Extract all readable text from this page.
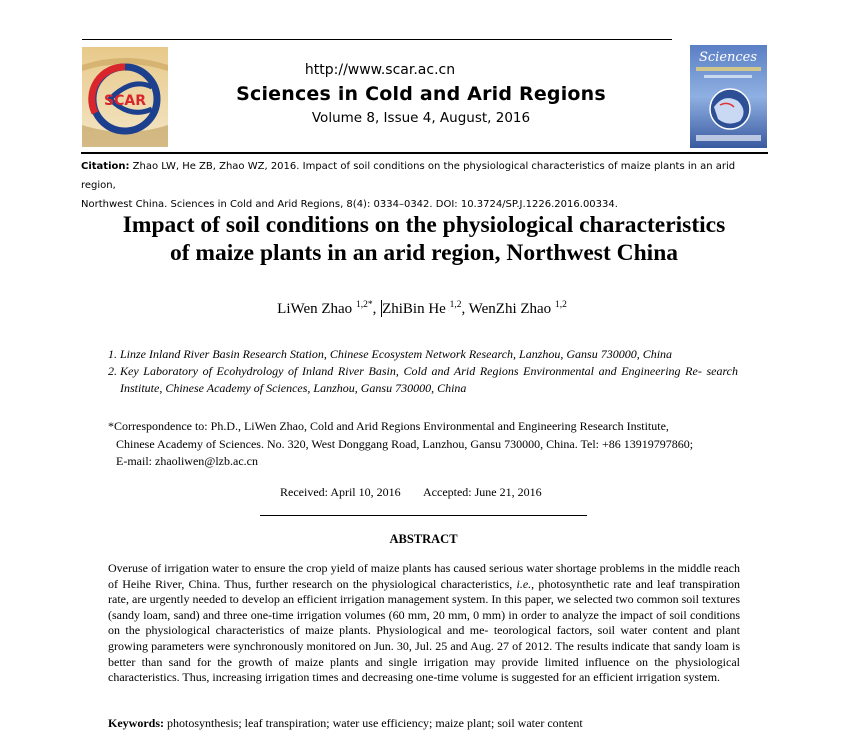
SCAR
http://www.scar.ac.cn
Sciences in Cold and Arid Regions
Volume 8, Issue 4, August, 2016
Sciences
Citation: Zhao LW, He ZB, Zhao WZ, 2016. Impact of soil conditions on the physiological characteristics of maize plants in an arid region,
Northwest China. Sciences in Cold and Arid Regions, 8(4): 0334–0342. DOI: 10.3724/SP.J.1226.2016.00334.
Impact of soil conditions on the physiological characteristics
of maize plants in an arid region, Northwest China
LiWen Zhao $^{1,2*}$, ZhiBin He $^{1,2}$, WenZhi Zhao $^{1,2}$
1. Linze Inland River Basin Research Station, Chinese Ecosystem Network Research, Lanzhou, Gansu 730000, China
2. Key Laboratory of Ecohydrology of Inland River Basin, Cold and Arid Regions Environmental and Engineering Re- search Institute, Chinese Academy of Sciences, Lanzhou, Gansu 730000, China
*Correspondence to: Ph.D., LiWen Zhao, Cold and Arid Regions Environmental and Engineering Research Institute,
Chinese Academy of Sciences. No. 320, West Donggang Road, Lanzhou, Gansu 730000, China. Tel: +86 13919797860;
E-mail: zhaoliwen@lzb.ac.cn
Received: April 10, 2016 Accepted: June 21, 2016
ABSTRACT
Overuse of irrigation water to ensure the crop yield of maize plants has caused serious water shortage problems in the middle reach of Heihe River, China. Thus, further research on the physiological characteristics, i.e., photosynthetic rate and leaf transpiration rate, are urgently needed to develop an efficient irrigation management system. In this paper, we selected two common soil textures (sandy loam, sand) and three one-time irrigation volumes (60 mm, 20 mm, 0 mm) in order to analyze the impact of soil conditions on the physiological characteristics of maize plants. Physiological and me- teorological factors, soil water content and plant growing parameters were synchronously monitored on Jun. 30, Jul. 25 and Aug. 27 of 2012. The results indicate that sandy loam is better than sand for the growth of maize plants and single irrigation may provide limited influence on the physiological characteristics. Thus, increasing irrigation times and decreasing one-time volume is suggested for an efficient irrigation system.
Keywords: photosynthesis; leaf transpiration; water use efficiency; maize plant; soil water content
